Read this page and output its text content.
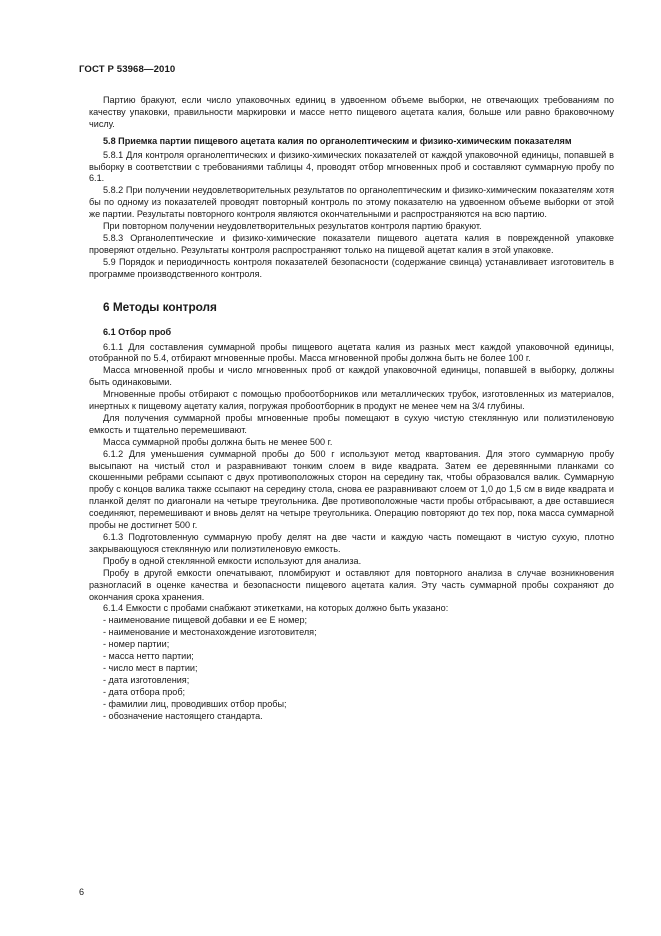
ГОСТ Р 53968—2010

Партию бракуют, если число упаковочных единиц в удвоенном объеме выборки, не отвечающих требованиям по качеству упаковки, правильности маркировки и массе нетто пищевого ацетата калия, больше или равно браковочному числу.

5.8 Приемка партии пищевого ацетата калия по органолептическим и физико-химическим показателям

5.8.1 Для контроля органолептических и физико-химических показателей от каждой упаковочной единицы, попавшей в выборку в соответствии с требованиями таблицы 4, проводят отбор мгновенных проб и составляют суммарную пробу по 6.1.

5.8.2 При получении неудовлетворительных результатов по органолептическим и физико-химическим показателям хотя бы по одному из показателей проводят повторный контроль по этому показателю на удвоенном объеме выборки от этой же партии. Результаты повторного контроля являются окончательными и распространяются на всю партию.

При повторном получении неудовлетворительных результатов контроля партию бракуют.

5.8.3 Органолептические и физико-химические показатели пищевого ацетата калия в поврежденной упаковке проверяют отдельно. Результаты контроля распространяют только на пищевой ацетат калия в этой упаковке.

5.9 Порядок и периодичность контроля показателей безопасности (содержание свинца) устанавливает изготовитель в программе производственного контроля.

6 Методы контроля

6.1 Отбор проб

6.1.1 Для составления суммарной пробы пищевого ацетата калия из разных мест каждой упаковочной единицы, отобранной по 5.4, отбирают мгновенные пробы. Масса мгновенной пробы должна быть не более 100 г.

Масса мгновенной пробы и число мгновенных проб от каждой упаковочной единицы, попавшей в выборку, должны быть одинаковыми.

Мгновенные пробы отбирают с помощью пробоотборников или металлических трубок, изготовленных из материалов, инертных к пищевому ацетату калия, погружая пробоотборник в продукт не менее чем на 3/4 глубины.

Для получения суммарной пробы мгновенные пробы помещают в сухую чистую стеклянную или полиэтиленовую емкость и тщательно перемешивают.

Масса суммарной пробы должна быть не менее 500 г.

6.1.2 Для уменьшения суммарной пробы до 500 г используют метод квартования. Для этого суммарную пробу высыпают на чистый стол и разравнивают тонким слоем в виде квадрата. Затем ее деревянными планками со скошенными ребрами ссыпают с двух противоположных сторон на середину так, чтобы образовался валик. Суммарную пробу с концов валика также ссыпают на середину стола, снова ее разравнивают слоем от 1,0 до 1,5 см в виде квадрата и планкой делят по диагонали на четыре треугольника. Две противоположные части пробы отбрасывают, а две оставшиеся соединяют, перемешивают и вновь делят на четыре треугольника. Операцию повторяют до тех пор, пока масса суммарной пробы не достигнет 500 г.

6.1.3 Подготовленную суммарную пробу делят на две части и каждую часть помещают в чистую сухую, плотно закрывающуюся стеклянную или полиэтиленовую емкость.

Пробу в одной стеклянной емкости используют для анализа.

Пробу в другой емкости опечатывают, пломбируют и оставляют для повторного анализа в случае возникновения разногласий в оценке качества и безопасности пищевого ацетата калия. Эту часть суммарной пробы сохраняют до окончания срока хранения.

6.1.4 Емкости с пробами снабжают этикетками, на которых должно быть указано:

- наименование пищевой добавки и ее Е номер;
- наименование и местонахождение изготовителя;
- номер партии;
- масса нетто партии;
- число мест в партии;
- дата изготовления;
- дата отбора проб;
- фамилии лиц, проводивших отбор пробы;
- обозначение настоящего стандарта.
6
